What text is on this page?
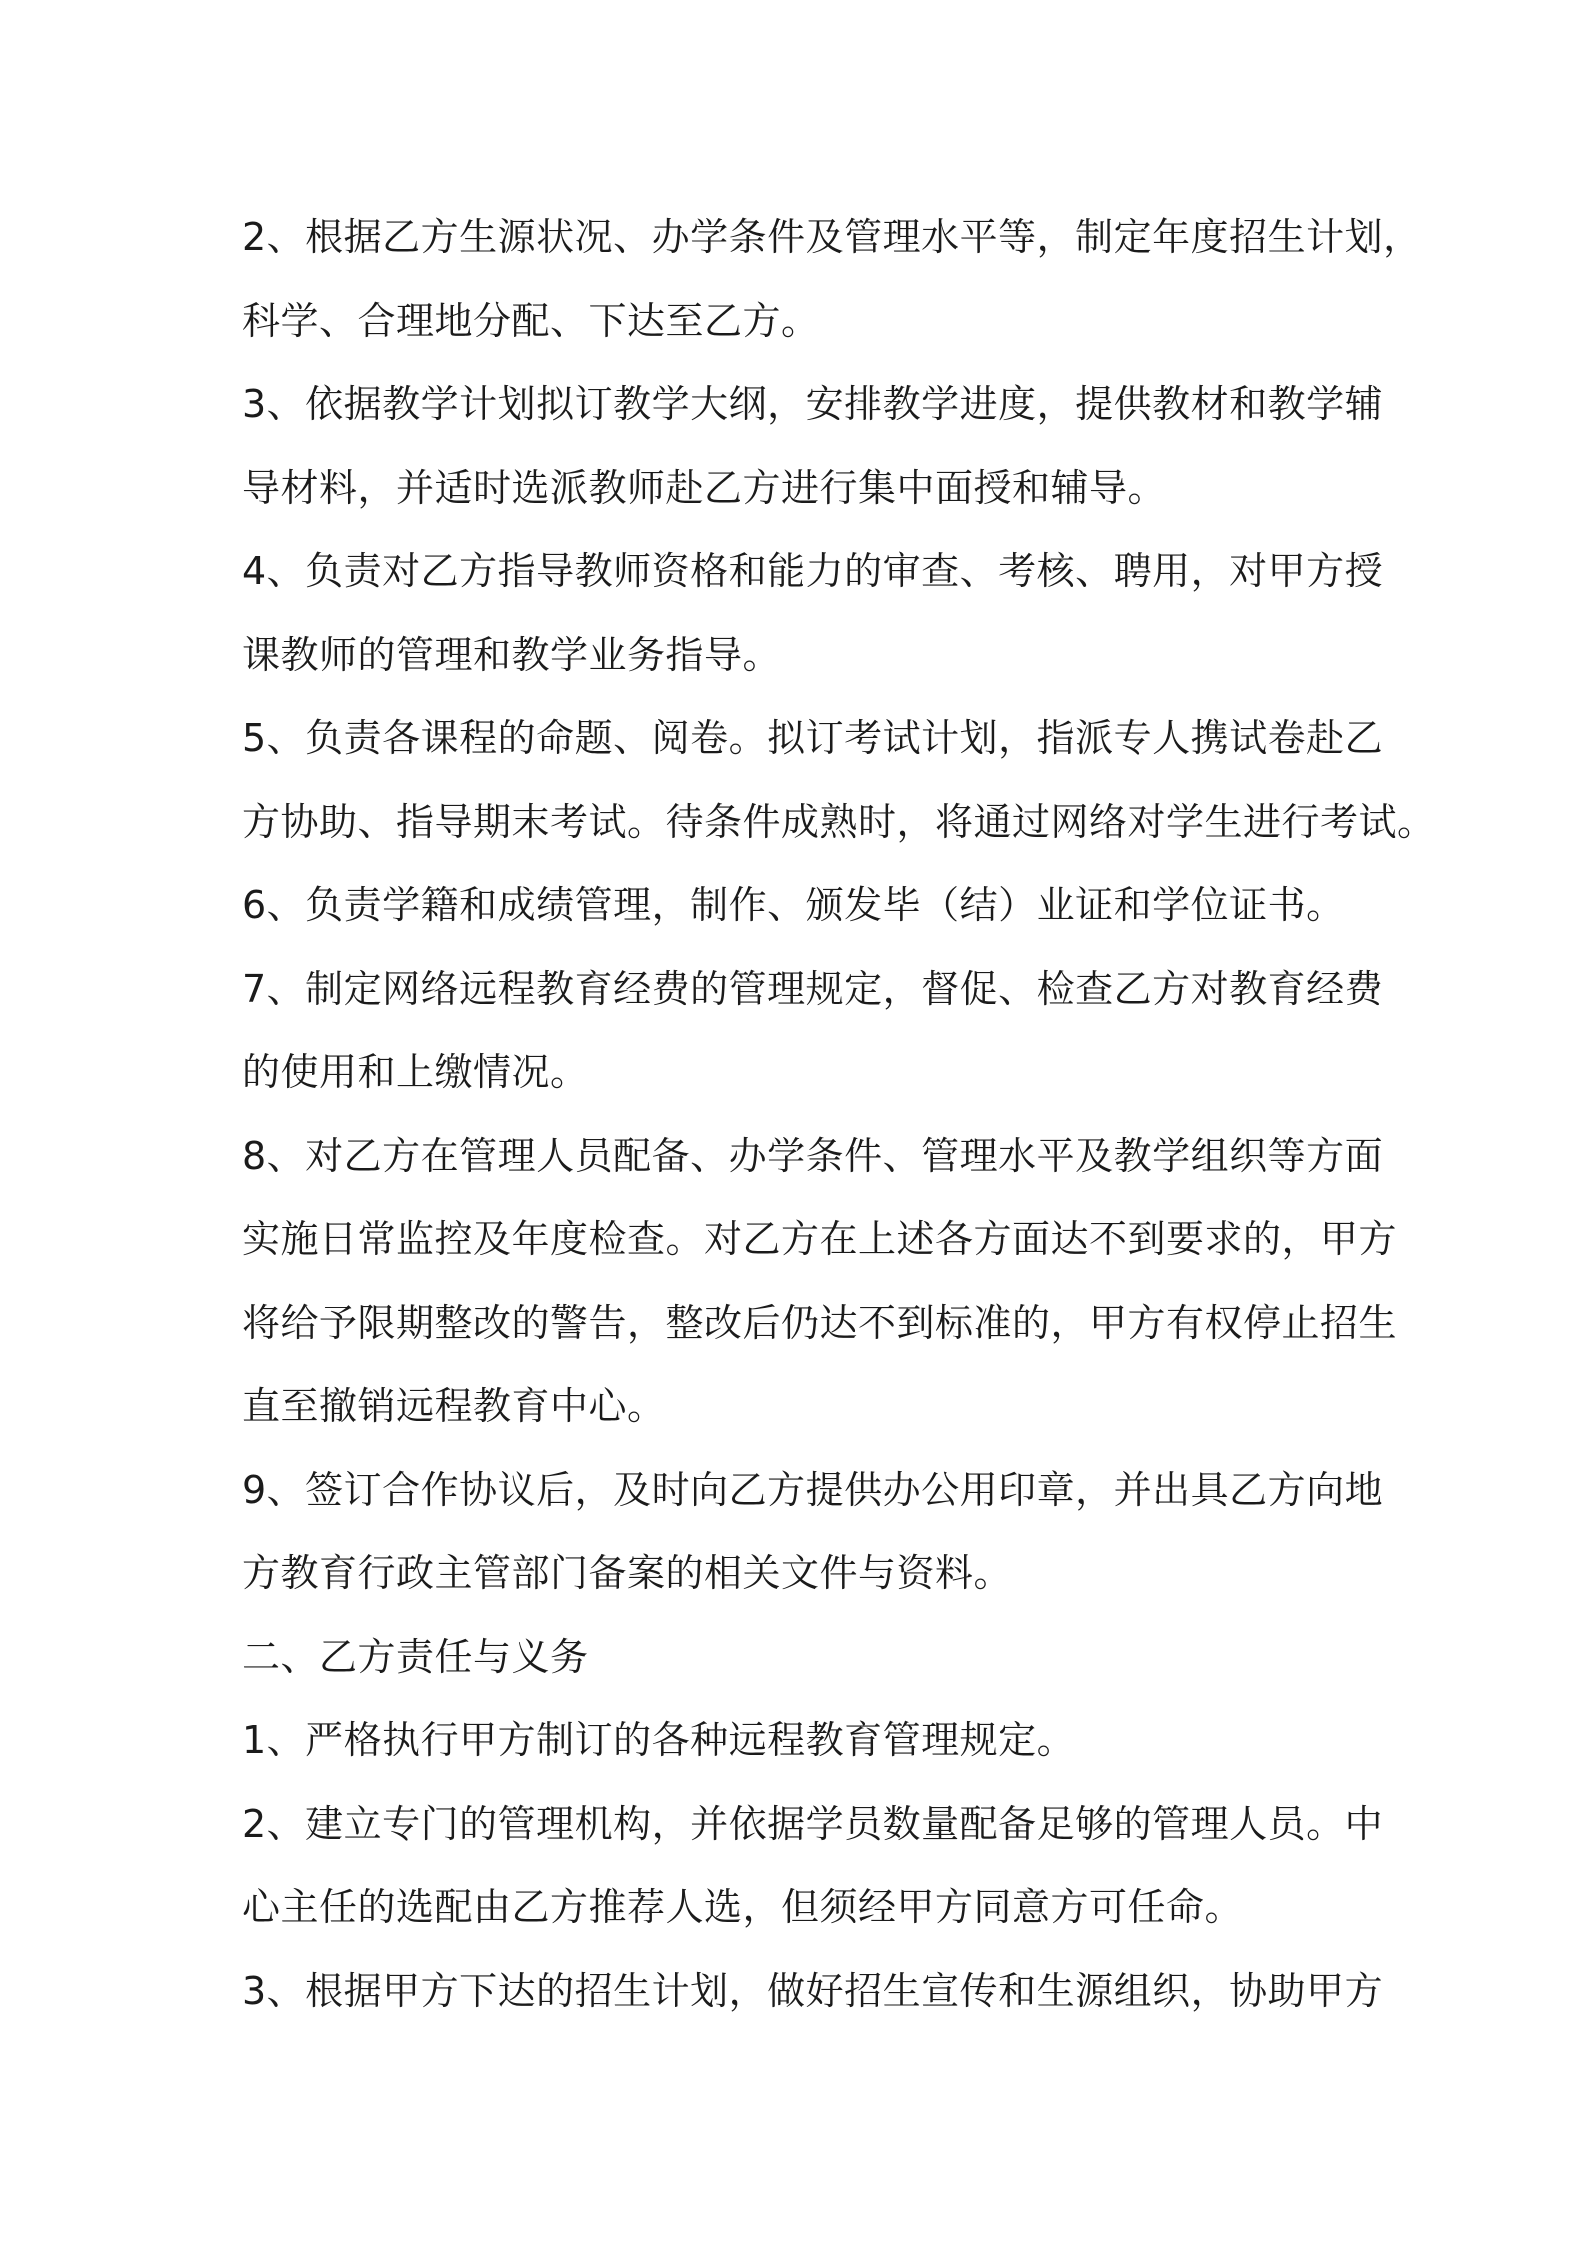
2、根据乙方生源状况、办学条件及管理水平等，制定年度招生计划，
科学、合理地分配、下达至乙方。
3、依据教学计划拟订教学大纲，安排教学进度，提供教材和教学辅
导材料，并适时选派教师赴乙方进行集中面授和辅导。
4、负责对乙方指导教师资格和能力的审查、考核、聘用，对甲方授
课教师的管理和教学业务指导。
5、负责各课程的命题、阅卷。拟订考试计划，指派专人携试卷赴乙
方协助、指导期末考试。待条件成熟时，将通过网络对学生进行考试。
6、负责学籍和成绩管理，制作、颁发毕（结）业证和学位证书。
7、制定网络远程教育经费的管理规定，督促、检查乙方对教育经费
的使用和上缴情况。
8、对乙方在管理人员配备、办学条件、管理水平及教学组织等方面
实施日常监控及年度检查。对乙方在上述各方面达不到要求的，甲方
将给予限期整改的警告，整改后仍达不到标准的，甲方有权停止招生
直至撤销远程教育中心。
9、签订合作协议后，及时向乙方提供办公用印章，并出具乙方向地
方教育行政主管部门备案的相关文件与资料。
二、乙方责任与义务
1、严格执行甲方制订的各种远程教育管理规定。
2、建立专门的管理机构，并依据学员数量配备足够的管理人员。中
心主任的选配由乙方推荐人选，但须经甲方同意方可任命。
3、根据甲方下达的招生计划，做好招生宣传和生源组织，协助甲方
